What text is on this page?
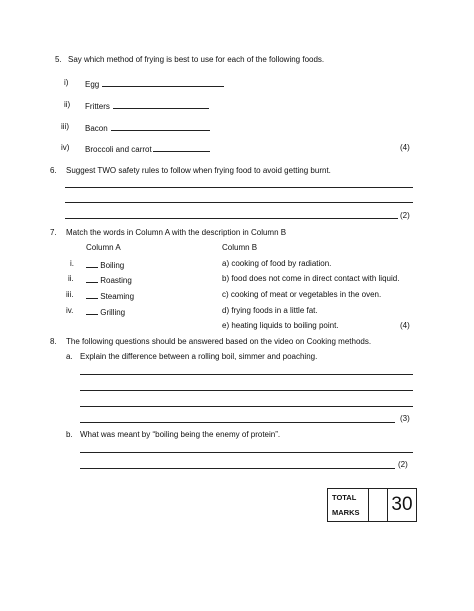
5. Say which method of frying is best to use for each of the following foods.
i) Egg
ii) Fritters
iii) Bacon
iv) Broccoli and carrot	(4)
6. Suggest TWO safety rules to follow when frying food to avoid getting burnt.
(2)
7. Match the words in Column A with the description in Column B
Column A	Column B
i.	Boiling	a) cooking of food by radiation.
ii.	Roasting	b) food does not come in direct contact with liquid.
iii.	Steaming	c) cooking of meat or vegetables in the oven.
iv.	Grilling	d) frying foods in a little fat.
e) heating liquids to boiling point.	(4)
8. The following questions should be answered based on the video on Cooking methods.
a. Explain the difference between a rolling boil, simmer and poaching.
(3)
b. What was meant by “boiling being the enemy of protein”.
(2)
TOTAL
MARKS		30
